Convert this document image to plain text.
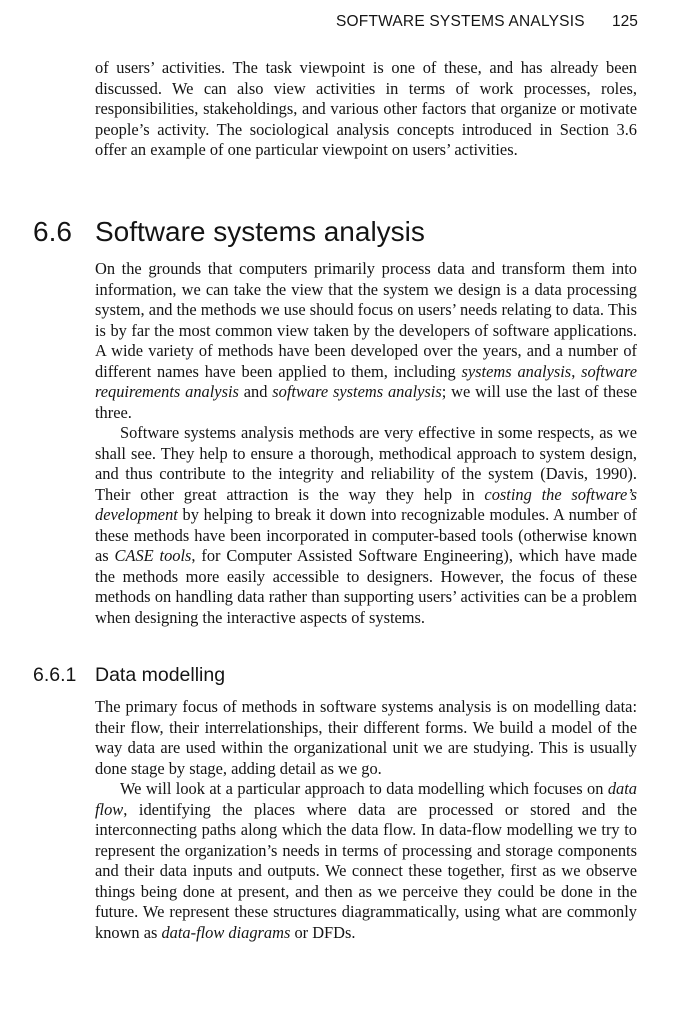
SOFTWARE SYSTEMS ANALYSIS 125

of users’ activities. The task viewpoint is one of these, and has already been discussed. We can also view activities in terms of work processes, roles, responsibilities, stakeholdings, and various other factors that organize or motivate people’s activity. The sociological analysis concepts introduced in Section 3.6 offer an example of one particular viewpoint on users’ activities.

6.6 Software systems analysis

On the grounds that computers primarily process data and transform them into information, we can take the view that the system we design is a data processing system, and the methods we use should focus on users’ needs relating to data. This is by far the most common view taken by the developers of software applications. A wide variety of methods have been developed over the years, and a number of different names have been applied to them, including systems analysis, software requirements analysis and software systems analysis; we will use the last of these three.

Software systems analysis methods are very effective in some respects, as we shall see. They help to ensure a thorough, methodical approach to system design, and thus contribute to the integrity and reliability of the system (Davis, 1990). Their other great attraction is the way they help in costing the software’s development by helping to break it down into recognizable modules. A number of these methods have been incorporated in computer-based tools (otherwise known as CASE tools, for Computer Assisted Software Engineering), which have made the methods more easily accessible to designers. However, the focus of these methods on handling data rather than supporting users’ activities can be a problem when designing the interactive aspects of systems.

6.6.1 Data modelling

The primary focus of methods in software systems analysis is on modelling data: their flow, their interrelationships, their different forms. We build a model of the way data are used within the organizational unit we are studying. This is usually done stage by stage, adding detail as we go.

We will look at a particular approach to data modelling which focuses on data flow, identifying the places where data are processed or stored and the interconnecting paths along which the data flow. In data-flow modelling we try to represent the organization’s needs in terms of processing and storage components and their data inputs and outputs. We connect these together, first as we observe things being done at present, and then as we perceive they could be done in the future. We represent these structures diagrammatically, using what are commonly known as data-flow diagrams or DFDs.
